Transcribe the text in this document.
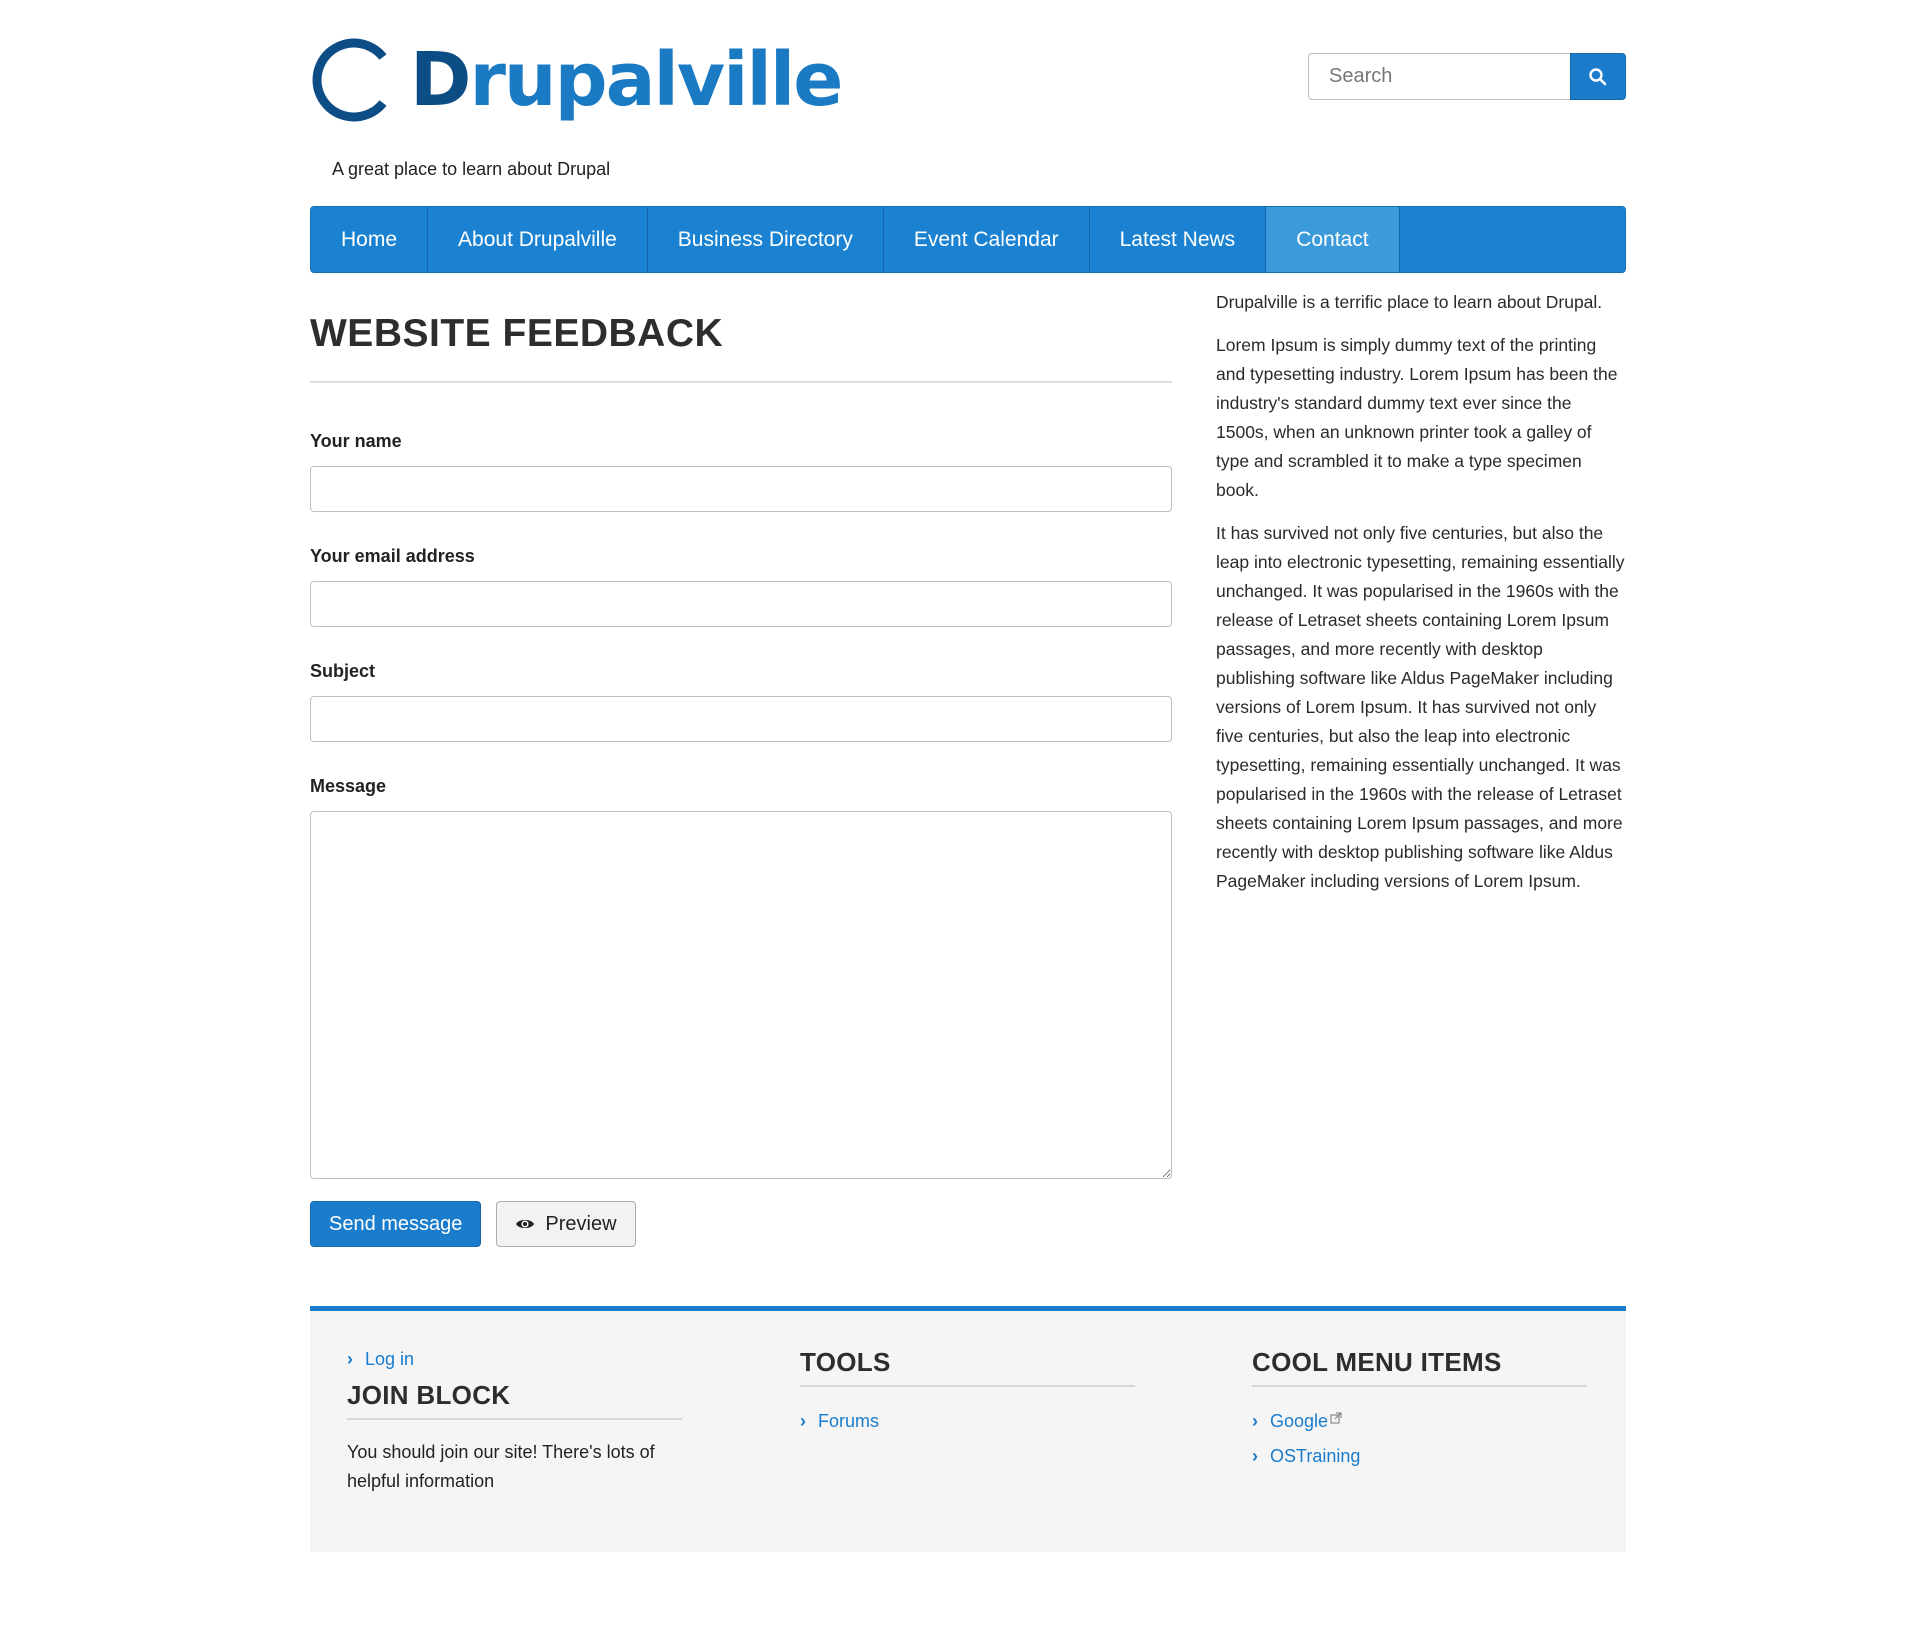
Drupalville
A great place to learn about Drupal
Search
Home	About Drupalville	Business Directory	Event Calendar	Latest News	Contact
WEBSITE FEEDBACK
Your name
Your email address
Subject
Message
Send message	Preview

Drupalville is a terrific place to learn about Drupal.

Lorem Ipsum is simply dummy text of the printing and typesetting industry. Lorem Ipsum has been the industry's standard dummy text ever since the 1500s, when an unknown printer took a galley of type and scrambled it to make a type specimen book.

It has survived not only five centuries, but also the leap into electronic typesetting, remaining essentially unchanged. It was popularised in the 1960s with the release of Letraset sheets containing Lorem Ipsum passages, and more recently with desktop publishing software like Aldus PageMaker including versions of Lorem Ipsum. It has survived not only five centuries, but also the leap into electronic typesetting, remaining essentially unchanged. It was popularised in the 1960s with the release of Letraset sheets containing Lorem Ipsum passages, and more recently with desktop publishing software like Aldus PageMaker including versions of Lorem Ipsum.

› Log in
JOIN BLOCK
You should join our site! There's lots of helpful information
TOOLS
› Forums
COOL MENU ITEMS
› Google
› OSTraining
